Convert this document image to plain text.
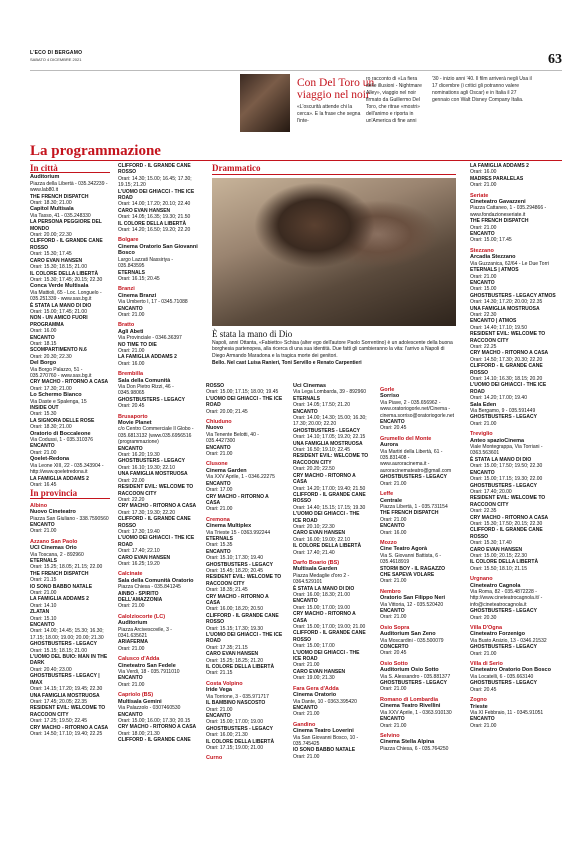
L'ECO DI BERGAMO
SABATO 4 DICEMBRE 2021	63
Con Del Toro un viaggio nel noir
«L'oscurità attende chi la cerca». E la frase che segna l'inte-
ro racconto di «La fiera delle illusioni - Nightmare Alley», viaggio nel noir firmato da Guillermo Del Toro, che ritrae «mostri» dell'animo e riporta in un'America di fine anni
'30 - inizio anni '40. Il film arriverà negli Usa il 17 dicembre (i critici gli potranno valere nominations agli Oscar) e in Italia il 27 gennaio con Walt Disney Company Italia.
La programmazione
In città
Auditorium
Piazza della Libertà - 035.342239 - www.lab80.it
THE FRENCH DISPATCH
Orari: 18.30; 21.00
Capitol Multisala
Via Tasso, 41 - 035.248330
LA PERSONA PEGGIORE DEL MONDO
Orari: 20.00; 22.30
CLIFFORD - IL GRANDE CANE ROSSO
Orari: 15.30; 17.45
CARO EVAN HANSEN
Orari: 15.30; 18.15; 21.00
IL COLORE DELLA LIBERTÀ
Orari: 15.30; 17.45; 20.15; 22.30
Conca Verde Multisala
Via Mattioli, 65 - Loc. Longuelo - 035.251339 - www.sas.bg.it
È STATA LA MANO DI DIO
Orari: 15.00; 17.45; 21.00
NON - UN AMICO FUORI PROGRAMMA
Orari: 16.00
ENCANTO
Orari: 18.15
SCOMPARTIMENTO N.6
Orari: 20.30; 22.30
Del Borgo
Via Borgo Palazzo, 51 - 035.270760 - www.sas.bg.it
CRY MACHO - RITORNO A CASA
Orari: 17.30; 21.00
Lo Schermo Bianco
Via Daste e Spalenga, 15
INSIDE OUT
Orari: 15.30
LA SIGNORA DELLE ROSE
Orari: 18.30; 21.00
Oratorio di Boccaleone
Via Codussi, 1 - 035.310376
ENCANTO
Orari: 21.00
Qoelet-Redona
Via Leone XIII, 22 - 035.343904 - http://www.qoeletredona.it
LA FAMIGLIA ADDAMS 2
Orari: 16.45
In provincia
Albino
Nuovo Cineteatro
Piazza San Giuliano - 338.7590560
ENCANTO
Orari: 21.00
Azzano San Paolo
UCI Cinemas Orio
Via Toscana, 2 - 892960
ETERNALS
Orari: 15.25; 18.05; 21.15; 22.00
THE FRENCH DISPATCH
Orari: 21.15
IO SONO BABBO NATALE
Orari: 21.00
LA FAMIGLIA ADDAMS 2
Orari: 14.10
ZLATAN
Orari: 15.10
ENCANTO
Orari: 14.00; 14.45; 15.30; 16.30; 17.15; 18.00; 19.00; 20.00; 21.30
GHOSTBUSTERS - LEGACY
Orari: 15.15; 18.15; 21.00
L'UOMO DEL BUIO: MAN IN THE DARK
Orari: 20.40; 23.00
GHOSTBUSTERS - LEGACY | IMAX
Orari: 14.15; 17.20; 19.45; 22.30
UNA FAMIGLIA MOSTRUOSA
Orari: 17.45; 20.05; 22.35
RESIDENT EVIL: WELCOME TO RACCOON CITY
Orari: 17.25; 19.50; 22.45
CRY MACHO - RITORNO A CASA
Orari: 14.50; 17.10; 19.40; 22.25
CLIFFORD - IL GRANDE CANE ROSSO
Orari: 14.30; 15.00; 16.45; 17.30; 19.15; 21.20
L'UOMO DEI GHIACCI - THE ICE ROAD
Orari: 14.00; 17.20; 20.10; 22.40
CARO EVAN HANSEN
Orari: 14.05; 16.35; 19.30; 21.50
IL COLORE DELLA LIBERTÀ
Orari: 14.20; 16.50; 19.20; 22.20
Bolgare
Cinema Oratorio San Giovanni Bosco
Largo Lazzati Nassiriya - 035.843595
ETERNALS
Orari: 16.15; 20.45
Branzi
Cinema Branzi
Via Umberto I, 17 - 0345.71088
ENCANTO
Orari: 21.00
Bratto
Agli Abeti
Via Provinciale - 0346.36397
NO TIME TO DIE
Orari: 21.00
LA FAMIGLIA ADDAMS 2
Orari: 16.00
Brembilla
Sala della Comunità
Via Don Pietro Rizzi, 46 - 0345.98065
GHOSTBUSTERS - LEGACY
Orari: 20.45
Brusaporto
Movie Planet
c/o Centro Commerciale Il Globo - 035.6813132 (www.035.6956516 (programmazione)
ENCANTO
Orari: 16.20; 19.30
GHOSTBUSTERS - LEGACY
Orari: 16.10; 19.30; 22.10
UNA FAMIGLIA MOSTRUOSA
Orari: 22.00
RESIDENT EVIL: WELCOME TO RACCOON CITY
Orari: 22.20
CRY MACHO - RITORNO A CASA
Orari: 17.30; 19.30; 22.20
CLIFFORD - IL GRANDE CANE ROSSO
Orari: 17.30; 19.40
L'UOMO DEI GHIACCI - THE ICE ROAD
Orari: 17.40; 22.10
CARO EVAN HANSEN
Orari: 16.25; 19.20
Calcinate
Sala della Comunità Oratorio
Piazza Chiesa - 035.841245
AINBO - SPIRITO DELL'AMAZZONIA
Orari: 21.00
Calolziocorte (LC)
Auditorium
Piazza Arcivescovile, 3 - 0341.635621
ARIAFERMA
Orari: 21.00
Calusco d'Adda
Cineteatro San Fedele
Via Verdi, 18 - 035.7911010
ENCANTO
Orari: 21.00
Capriolo (BS)
Multisala Gemini
Via Palazzolo - 0307460530
ENCANTO
Orari: 15.00; 16.00; 17.30; 20.15
CRY MACHO - RITORNO A CASA
Orari: 18.00; 21.30
CLIFFORD - IL GRANDE CANE
Drammatico
È stata la mano di Dio
Napoli, anni Ottanta, «Fabietto» Schisa (alter ego dell'autore Paolo Sorrentino) è un adolescente della buona borghesia partenopea, alla ricerca di una sua identità. Due fatti gli cambieranno la vita: l'arrivo a Napoli di Diego Armando Maradona e la tragica morte dei genitori.
Bello. Nel cast Luisa Ranieri, Toni Servillo e Renato Carpentieri
ROSSO
Orari: 15.00; 17.15; 18.00; 19.45
L'UOMO DEI GHIACCI - THE ICE ROAD
Orari: 20.00; 21.45
Chiuduno
Nuovo
Via Tenente Belotti, 40 - 035.4427300
ENCANTO
Orari: 21.00
Clusone
Cinema Garden
Via XXV Aprile, 1 - 0346.22275
ENCANTO
Orari: 17.00
CRY MACHO - RITORNO A CASA
Orari: 21.00
Cremona
Cinema Multiplex
Via Trieste 15 - 0363.992244
ETERNALS
Orari: 15.35
ENCANTO
Orari: 15.10; 17.30; 19.40
GHOSTBUSTERS - LEGACY
Orari: 15.45; 18.20; 20.45
RESIDENT EVIL: WELCOME TO RACCOON CITY
Orari: 18.35; 21.45
CRY MACHO - RITORNO A CASA
Orari: 16.00; 18.20; 20.50
CLIFFORD - IL GRANDE CANE ROSSO
Orari: 15.15; 17.30; 19.30
L'UOMO DEI GHIACCI - THE ICE ROAD
Orari: 17.35; 21.15
CARO EVAN HANSEN
Orari: 15.25; 18.25; 21.20
IL COLORE DELLA LIBERTÀ
Orari: 21.15
Costa Volpino
Iride Vega
Via Torrione, 3 - 035.971717
IL BAMBINO NASCOSTO
Orari: 21.00
ENCANTO
Orari: 15.00; 17.00; 19.00
GHOSTBUSTERS - LEGACY
Orari: 16.00; 21.30
IL COLORE DELLA LIBERTÀ
Orari: 17.15; 19.00; 21.00
Curno
Uci Cinemas
Via Lega Lombarda, 39 - 892960
ETERNALS
Orari: 14.05; 17.50; 21.20
ENCANTO
Orari: 14.00; 14.30; 15.00; 16.30; 17.30; 20.00; 22.20
GHOSTBUSTERS - LEGACY
Orari: 14.10; 17.05; 19.20; 22.15
UNA FAMIGLIA MOSTRUOSA
Orari: 16.50; 19.10; 22.45
RESIDENT EVIL: WELCOME TO RACCOON CITY
Orari: 20.20; 22.50
CRY MACHO - RITORNO A CASA
Orari: 14.20; 17.00; 19.40; 21.50
CLIFFORD - IL GRANDE CANE ROSSO
Orari: 14.40; 15.15; 17.15; 19.30
L'UOMO DEI GHIACCI - THE ICE ROAD
Orari: 20.10; 22.30
CARO EVAN HANSEN
Orari: 16.00; 19.00; 22.10
IL COLORE DELLA LIBERTÀ
Orari: 17.40; 21.40
Darfo Boario (BS)
Multisala Garden
Piazza Medaglie d'oro 2 - 0364.529101
È STATA LA MANO DI DIO
Orari: 16.00; 18.30; 21.00
ENCANTO
Orari: 15.00; 17.00; 19.00
CRY MACHO - RITORNO A CASA
Orari: 15.00; 17.00; 19.00; 21.00
CLIFFORD - IL GRANDE CANE ROSSO
Orari: 15.00; 17.00
L'UOMO DEI GHIACCI - THE ICE ROAD
Orari: 21.00
CARO EVAN HANSEN
Orari: 19.00; 21.30
Fara Gera d'Adda
Cinema Oratorio
Via Dante, 10 - 0363.395420
ENCANTO
Orari: 21.00
Gandino
Cinema Teatro Loverini
Via San Giovanni Bosco, 10 - 035.745425
IO SONO BABBO NATALE
Orari: 21.00
Gorle
Sorriso
Via Piave, 2 - 035.656962 - www.oratoriogorle.net/Cinema - cinema.sorriso@oratoriogorle.net
ENCANTO
Orari: 20.45
Grumello del Monte
Aurora
Via Martiri della Libertà, 61 - 035.831408 - www.auroracinema.it - auroracinemateatro@gmail.com
GHOSTBUSTERS - LEGACY
Orari: 21.00
Leffe
Centrale
Piazza Libertà, 1 - 035.731154
THE FRENCH DISPATCH
Orari: 21.00
ENCANTO
Orari: 16.00
Mozzo
Cine Teatro Agorà
Via S. Giovanni Battista, 6 - 035.4618919
STORM BOY - IL RAGAZZO CHE SAPEVA VOLARE
Orari: 21.00
Nembro
Oratorio San Filippo Neri
Via Vittoria, 12 - 035.520420
ENCANTO
Orari: 21.00
Osio Sopra
Auditorium San Zeno
Via Moscardini - 035.500079
CONCERTO
Orari: 20.45
Osio Sotto
Auditorium Osio Sotto
Via S. Alessandro - 035.881377
GHOSTBUSTERS - LEGACY
Orari: 21.00
Romano di Lombardia
Cinema Teatro Rivellini
Via XXV Aprile, 1 - 0363.910130
ENCANTO
Orari: 21.00
Selvino
Cinema Stella Alpina
Piazza Chiesa, 6 - 035.764250
LA FAMIGLIA ADDAMS 2
Orari: 16.00
MADRES PARALELAS
Orari: 21.00
Seriate
Cineteatro Gavazzeni
Piazza Cattaneo, 1 - 035.294866 - www.fondazioneseriate.it
THE FRENCH DISPATCH
Orari: 21.00
ENCANTO
Orari: 15.00; 17.45
Stezzano
Arcadia Stezzano
Via Guzzanica, 62/64 - Le Due Torri
ETERNALS | ATMOS
Orari: 21.00
ENCANTO
Orari: 15.00
GHOSTBUSTERS - LEGACY ATMOS
Orari: 14.30; 17.20; 20.00; 22.35
UNA FAMIGLIA MOSTRUOSA
Orari: 22.30
ENCANTO | ATMOS
Orari: 14.40; 17.10; 19.50
RESIDENT EVIL: WELCOME TO RACCOON CITY
Orari: 22.25
CRY MACHO - RITORNO A CASA
Orari: 14.50; 17.30; 20.30; 22.20
CLIFFORD - IL GRANDE CANE ROSSO
Orari: 14.10; 16.30; 18.15; 20.20
L'UOMO DEI GHIACCI - THE ICE ROAD
Orari: 14.20; 17.00; 19.40
Sala Eden
Via Bergamo, 9 - 035.591449
GHOSTBUSTERS - LEGACY
Orari: 21.00
Treviglio
Anteo spazioCinema
Viale Montegrappa, Via Torriani - 0363.563601
È STATA LA MANO DI DIO
Orari: 15.00; 17.50; 19.50; 22.30
ENCANTO
Orari: 15.00; 17.15; 19.30; 22.00
GHOSTBUSTERS - LEGACY
Orari: 17.40; 20.00
RESIDENT EVIL: WELCOME TO RACCOON CITY
Orari: 22.35
CRY MACHO - RITORNO A CASA
Orari: 15.30; 17.50; 20.15; 22.30
CLIFFORD - IL GRANDE CANE ROSSO
Orari: 15.30; 17.40
CARO EVAN HANSEN
Orari: 15.00; 20.15; 22.30
IL COLORE DELLA LIBERTÀ
Orari: 15.50; 18.10; 21.15
Urgnano
Cineteatro Cagnola
Via Roma, 82 - 035.4872228 - http://www.cineteatrocagnola.it/ - info@cineteatrocagnola.it
GHOSTBUSTERS - LEGACY
Orari: 20.30
Villa D'Ogna
Cineteatro Forzenigo
Via Busto Arsizio, 13 - 0346.21532
GHOSTBUSTERS - LEGACY
Orari: 21.00
Villa di Serio
Cineteatro Oratorio Don Bosco
Via Locatelli, 6 - 035.663140
GHOSTBUSTERS - LEGACY
Orari: 20.45
Zogno
Trieste
Via XI Febbraio, 11 - 0345.91051
ENCANTO
Orari: 21.00
